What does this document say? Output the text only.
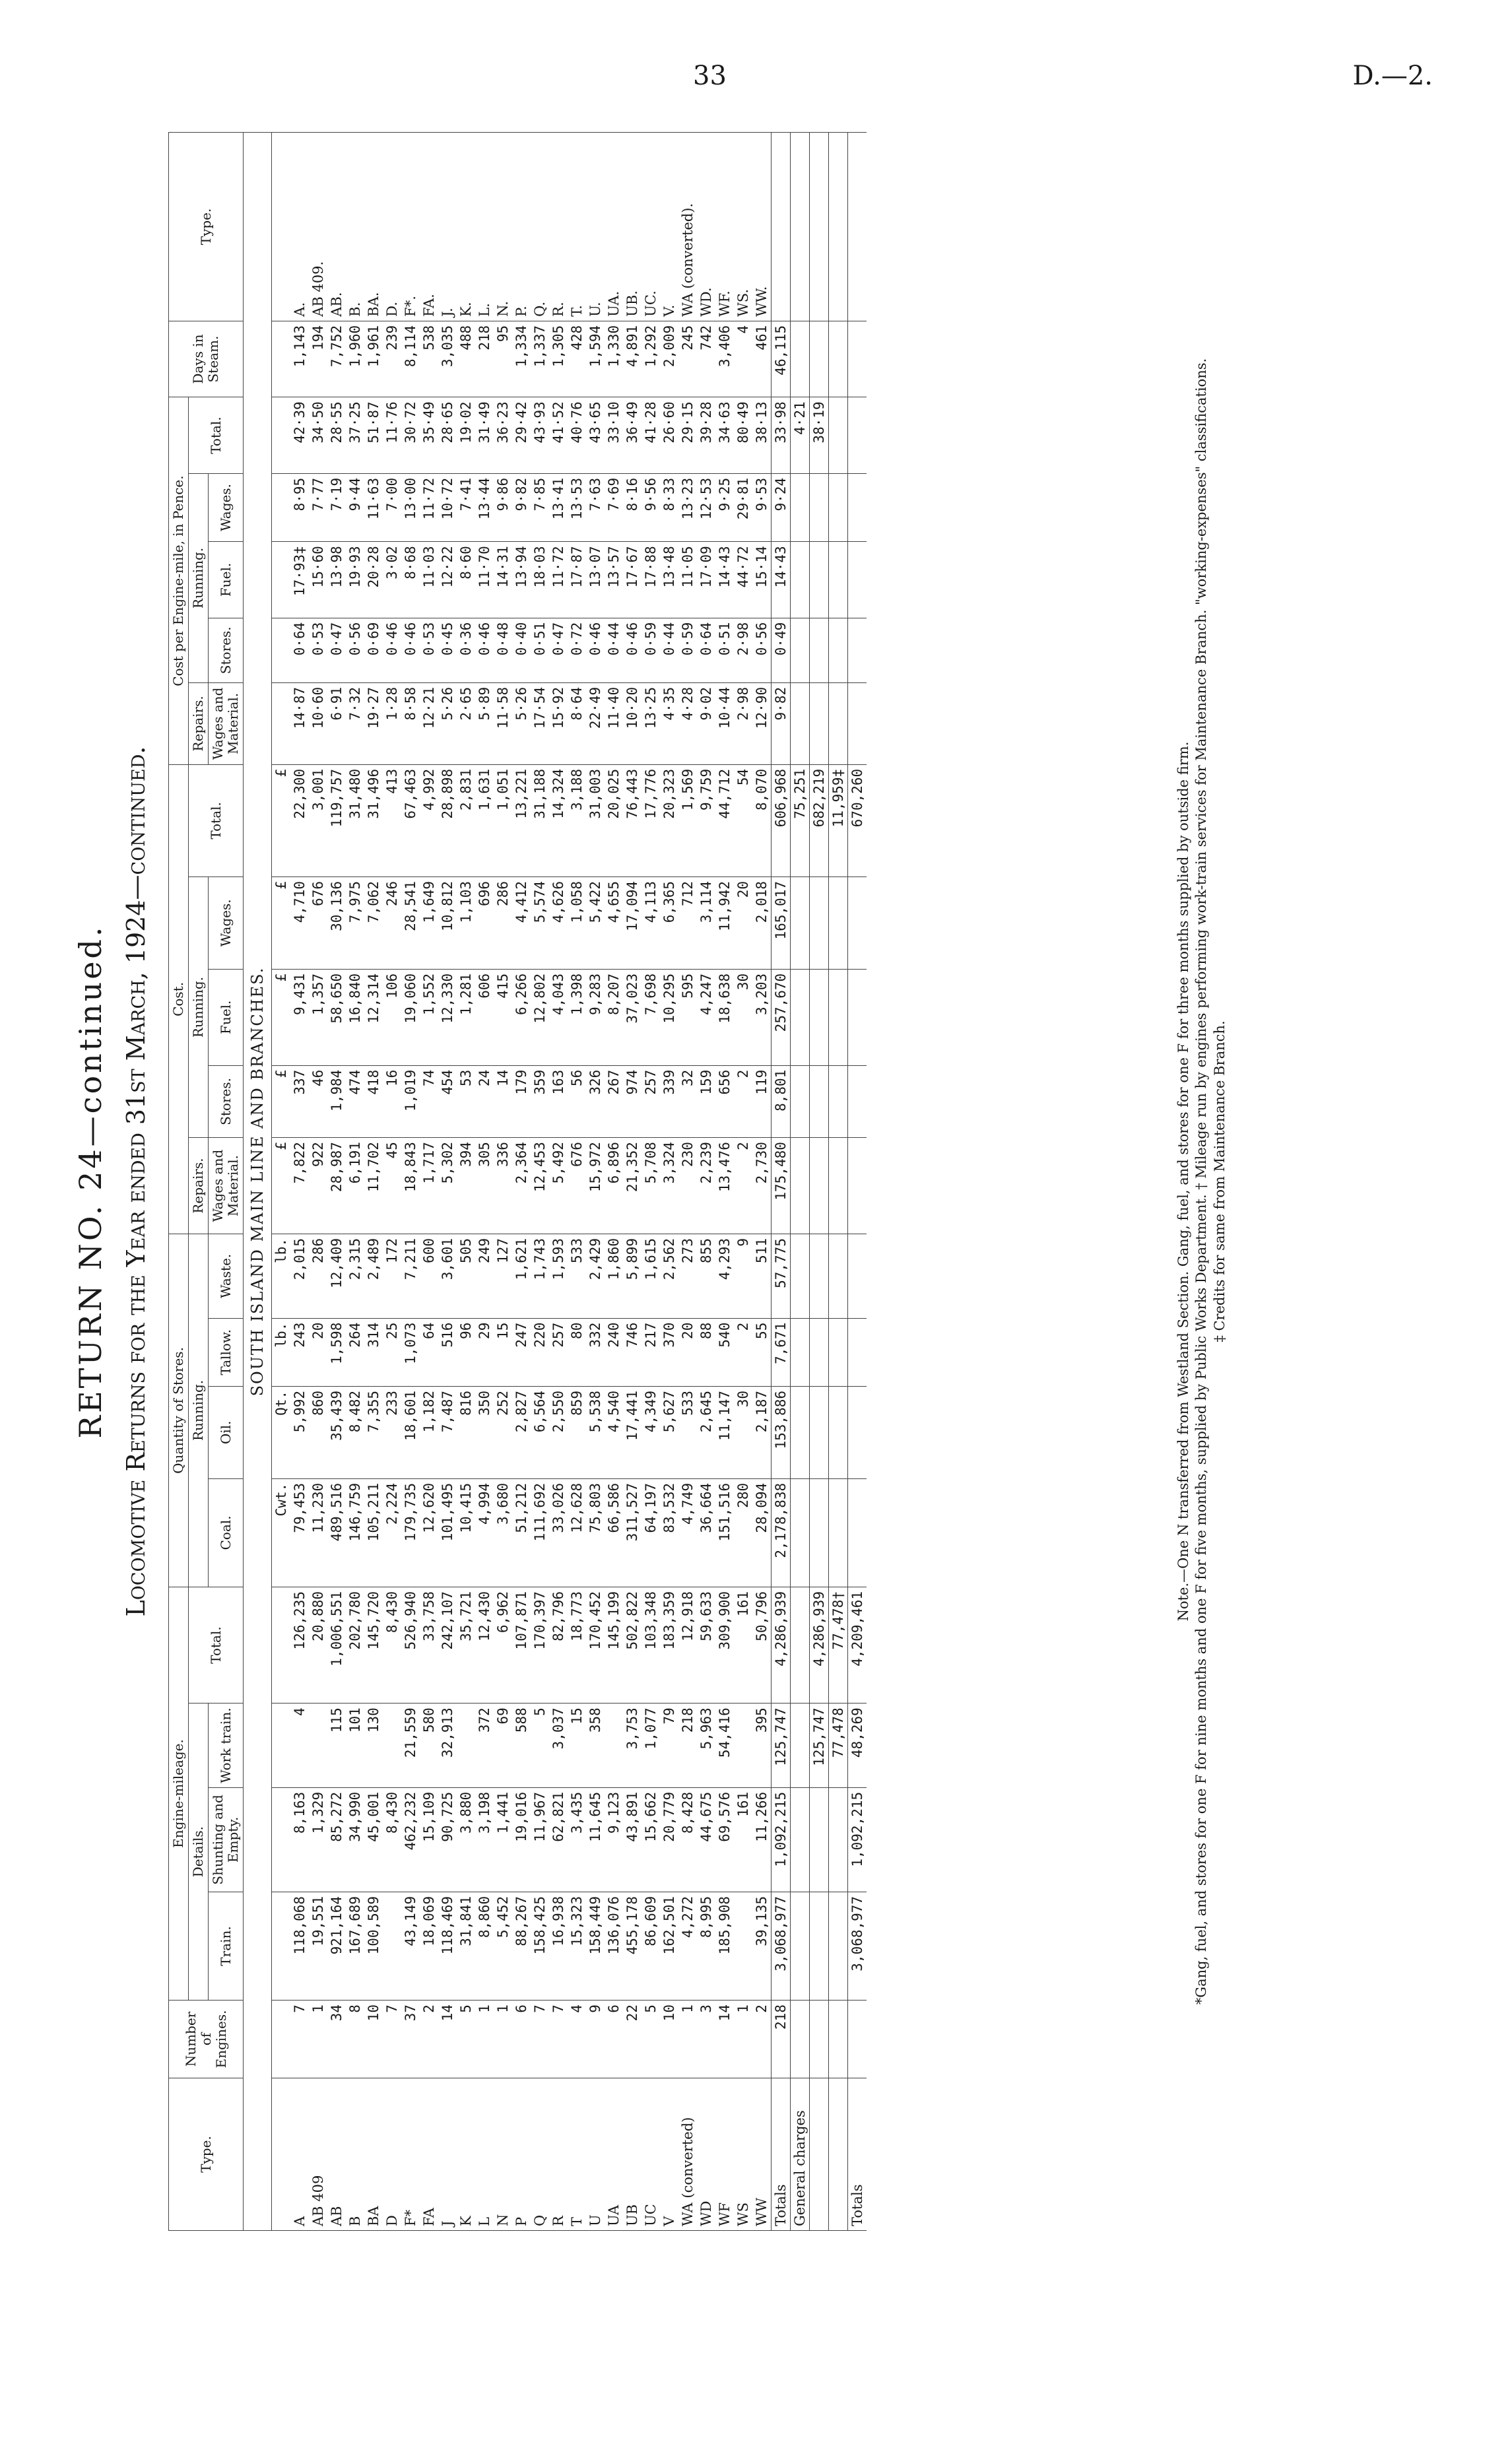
33	D.—2.
RETURN NO. 24—continued. Locomotive Returns for the Year ended 31st March, 1924—continued.
Type.	Number of Engines.	Engine-mileage.				Quantity of Stores.				Cost.					Cost per Engine-mile, in Pence.					Days in Steam.	Type.
		Details.			Total.	Running.				Repairs.	Running.			Total.	Repairs.	Running.			Total.		
		Train.	Shunting and Empty.	Work train.		Coal.	Oil.	Tallow.	Waste.		Stores.	Fuel.	Wages.			Stores.	Fuel.	Wages.			
										Wages and Material.					Wages and Material.						
SOUTH ISLAND MAIN LINE AND BRANCHES.																					
						Cwt.	Qt.	lb.	lb.	£	£	£	£	£							
A	7	118,068	8,163	4	126,235	79,453	5,992	243	2,015	7,822	337	9,431	4,710	22,300	14·87	0·64	17·93‡	8·95	42·39	1,143	A.
AB 409	1	19,551	1,329		20,880	11,230	860	20	286	922	46	1,357	676	3,001	10·60	0·53	15·60	7·77	34·50	194	AB 409.
AB	34	921,164	85,272	115	1,006,551	489,516	35,439	1,598	12,409	28,987	1,984	58,650	30,136	119,757	6·91	0·47	13·98	7·19	28·55	7,752	AB.
B	8	167,689	34,990	101	202,780	146,759	8,482	264	2,315	6,191	474	16,840	7,975	31,480	7·32	0·56	19·93	9·44	37·25	1,960	B.
BA	10	100,589	45,001	130	145,720	105,211	7,355	314	2,489	11,702	418	12,314	7,062	31,496	19·27	0·69	20·28	11·63	51·87	1,961	BA.
D	7		8,430		8,430	2,224	233	25	172	45	16	106	246	413	1·28	0·46	3·02	7·00	11·76	239	D.
F*	37	43,149	462,232	21,559	526,940	179,735	18,601	1,073	7,211	18,843	1,019	19,060	28,541	67,463	8·58	0·46	8·68	13·00	30·72	8,114	F*.
FA	2	18,069	15,109	580	33,758	12,620	1,182	64	600	1,717	74	1,552	1,649	4,992	12·21	0·53	11·03	11·72	35·49	538	FA.
J	14	118,469	90,725	32,913	242,107	101,495	7,487	516	3,601	5,302	454	12,330	10,812	28,898	5·26	0·45	12·22	10·72	28·65	3,035	J.
K	5	31,841	3,880		35,721	10,415	816	96	505	394	53	1,281	1,103	2,831	2·65	0·36	8·60	7·41	19·02	488	K.
L	1	8,860	3,198	372	12,430	4,994	350	29	249	305	24	606	696	1,631	5·89	0·46	11·70	13·44	31·49	218	L.
N	1	5,452	1,441	69	6,962	3,680	252	15	127	336	14	415	286	1,051	11·58	0·48	14·31	9·86	36·23	95	N.
P	6	88,267	19,016	588	107,871	51,212	2,827	247	1,621	2,364	179	6,266	4,412	13,221	5·26	0·40	13·94	9·82	29·42	1,334	P.
Q	7	158,425	11,967	5	170,397	111,692	6,564	220	1,743	12,453	359	12,802	5,574	31,188	17·54	0·51	18·03	7·85	43·93	1,337	Q.
R	7	16,938	62,821	3,037	82,796	33,026	2,550	257	1,593	5,492	163	4,043	4,626	14,324	15·92	0·47	11·72	13·41	41·52	1,305	R.
T	4	15,323	3,435	15	18,773	12,628	859	80	533	676	56	1,398	1,058	3,188	8·64	0·72	17·87	13·53	40·76	428	T.
U	9	158,449	11,645	358	170,452	75,803	5,538	332	2,429	15,972	326	9,283	5,422	31,003	22·49	0·46	13·07	7·63	43·65	1,594	U.
UA	6	136,076	9,123		145,199	66,586	4,540	240	1,860	6,896	267	8,207	4,655	20,025	11·40	0·44	13·57	7·69	33·10	1,330	UA.
UB	22	455,178	43,891	3,753	502,822	311,527	17,441	746	5,899	21,352	974	37,023	17,094	76,443	10·20	0·46	17·67	8·16	36·49	4,891	UB.
UC	5	86,609	15,662	1,077	103,348	64,197	4,349	217	1,615	5,708	257	7,698	4,113	17,776	13·25	0·59	17·88	9·56	41·28	1,292	UC.
V	10	162,501	20,779	79	183,359	83,532	5,627	370	2,562	3,324	339	10,295	6,365	20,323	4·35	0·44	13·48	8·33	26·60	2,009	V.
WA (converted)	1	4,272	8,428	218	12,918	4,749	533	20	273	230	32	595	712	1,569	4·28	0·59	11·05	13·23	29·15	245	WA (converted).
WD	3	8,995	44,675	5,963	59,633	36,664	2,645	88	855	2,239	159	4,247	3,114	9,759	9·02	0·64	17·09	12·53	39·28	742	WD.
WF	14	185,908	69,576	54,416	309,900	151,516	11,147	540	4,293	13,476	656	18,638	11,942	44,712	10·44	0·51	14·43	9·25	34·63	3,406	WF.
WS	1		161		161	280	30	2	9	2	2	30	20	54	2·98	2·98	44·72	29·81	80·49	4	WS.
WW	2	39,135	11,266	395	50,796	28,094	2,187	55	511	2,730	119	3,203	2,018	8,070	12·90	0·56	15·14	9·53	38·13	461	WW.
Totals	218	3,068,977	1,092,215	125,747	4,286,939	2,178,838	153,886	7,671	57,775	175,480	8,801	257,670	165,017	606,968	9·82	0·49	14·43	9·24	33·98	46,115	
General charges														75,251					4·21		
				125,747	4,286,939									682,219					38·19		
				77,478	77,478†									11,959‡							
Totals		3,068,977	1,092,215	48,269	4,209,461									670,260								Note.—One N transferred from Westland Section. Gang, fuel, and stores for one F for three months supplied by outside firm. *Gang, fuel, and stores for one F for nine months and one F for five months, supplied by Public Works Department. † Mileage run by engines performing work-train services for Maintenance Branch. "working-expenses" classifications. ‡ Credits for same from Maintenance Branch.
